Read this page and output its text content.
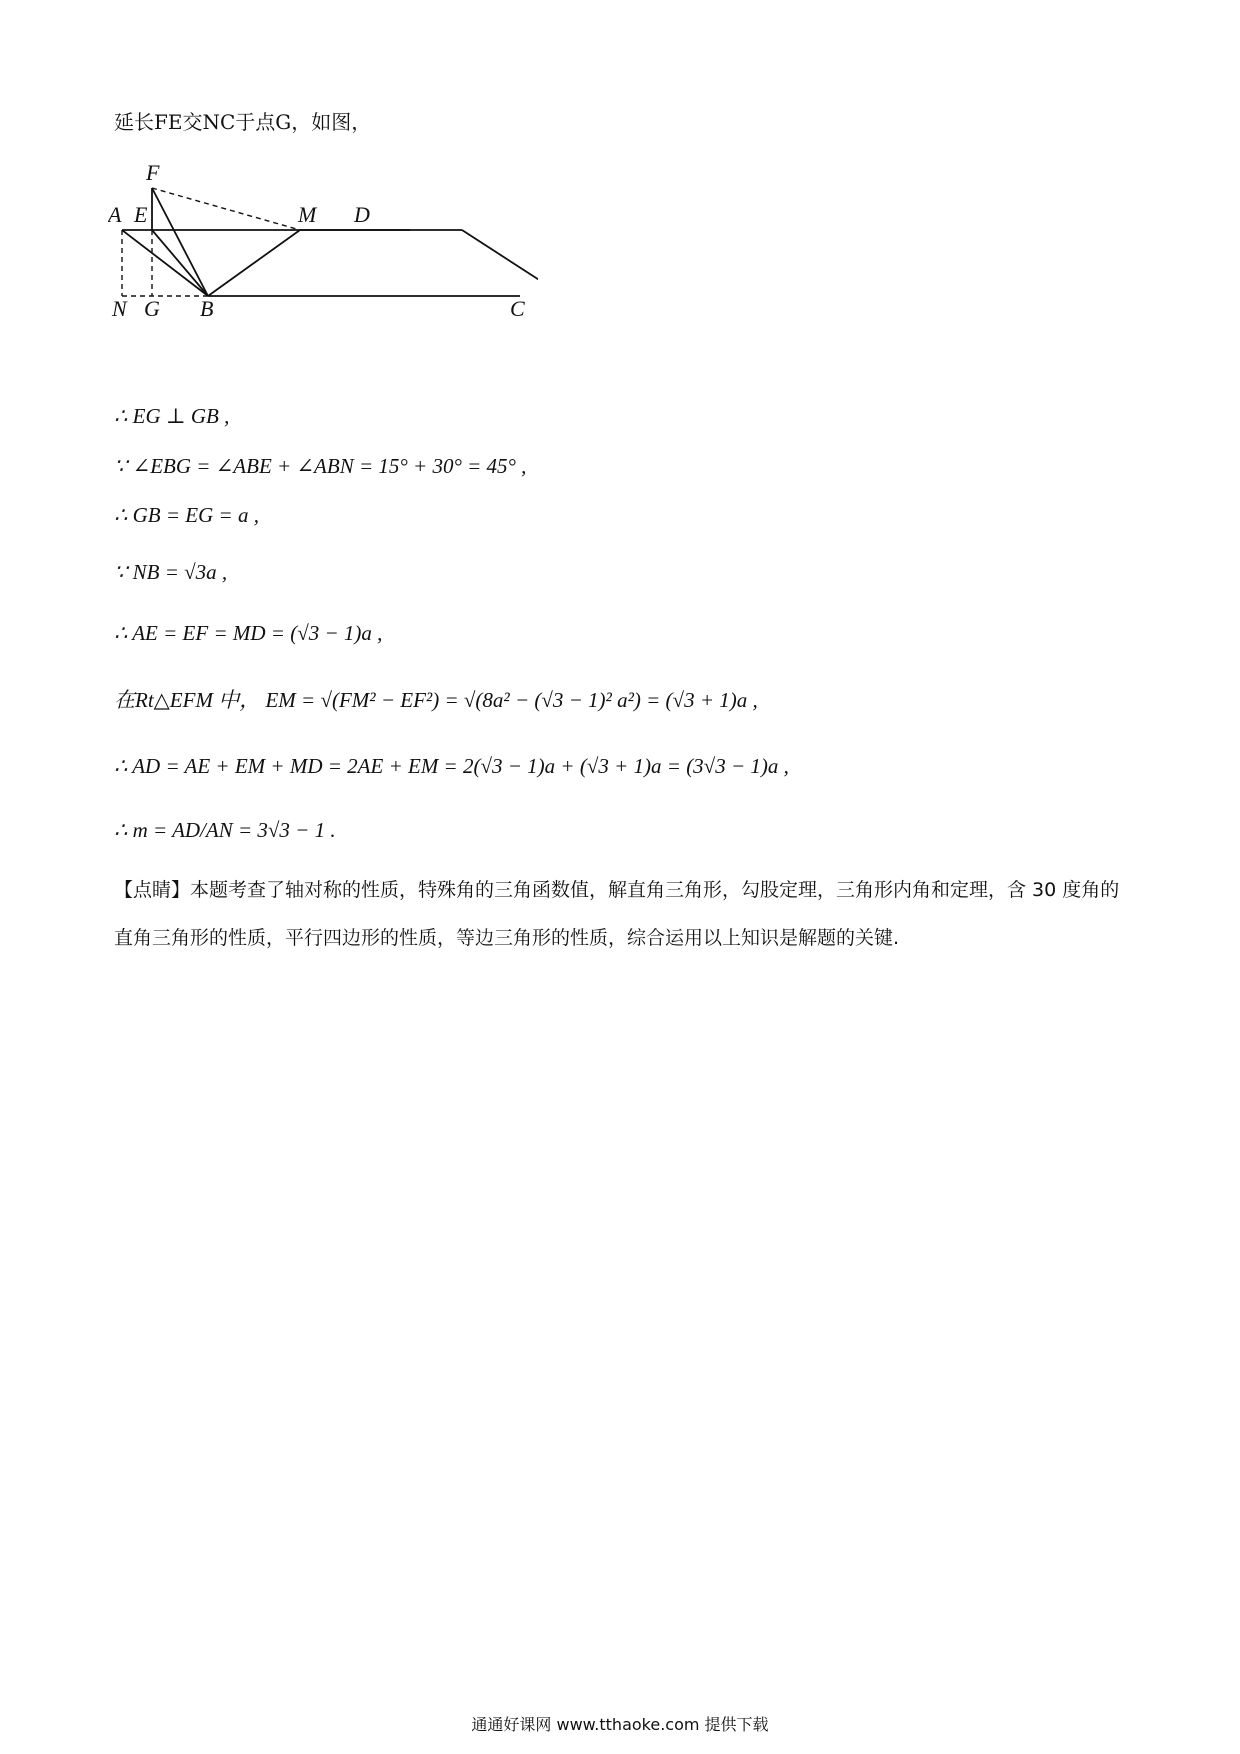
延长FE交NC于点G，如图，
F
A E	M D
N G B	C
∴ EG ⊥ GB ,
∵ ∠EBG = ∠ABE + ∠ABN = 15° + 30° = 45° ,
∴ GB = EG = a ,
∵ NB = √3a ,
∴ AE = EF = MD = (√3 − 1)a ,
在Rt△EFM 中， EM = √(FM² − EF²) = √(8a² − (√3 − 1)² a²) = (√3 + 1)a ,
∴ AD = AE + EM + MD = 2AE + EM = 2(√3 − 1)a + (√3 + 1)a = (3√3 − 1)a ,
∴ m = AD/AN = 3√3 − 1 .
【点睛】本题考查了轴对称的性质，特殊角的三角函数值，解直角三角形，勾股定理，三角形内角和定理，含 30 度角的直角三角形的性质，平行四边形的性质，等边三角形的性质，综合运用以上知识是解题的关键.
通通好课网 www.tthaoke.com 提供下载
